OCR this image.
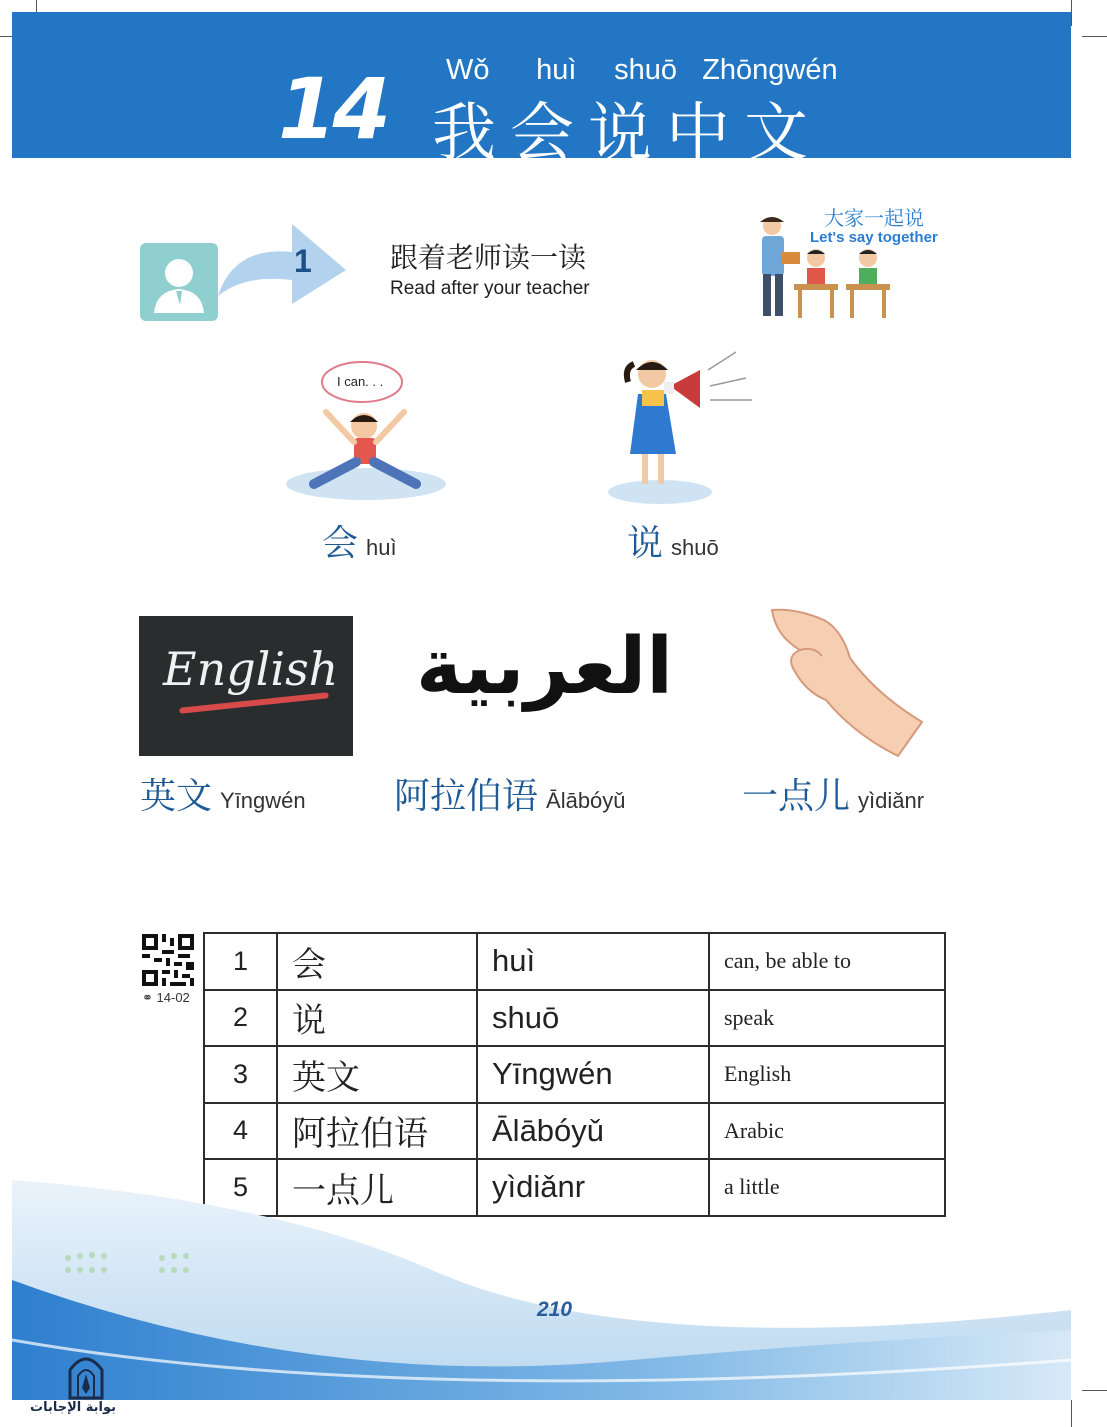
14 Wǒ huì shuō Zhōngwén
我会说中文
1	跟着老师读一读
Read after your teacher
大家一起说
Let's say together
I can. . .
会huì	说shuō
English
英文 Yīngwén
العربية
阿拉伯语 Ālābóyǔ	一点儿 yìdiǎnr
⚭ 14-02
1	会	huì	can, be able to
2	说	shuō	speak
3	英文	Yīngwén	English
4	阿拉伯语	Ālābóyǔ	Arabic
5	一点儿	yìdiǎnr	a little
210
بوابة الإجابات
